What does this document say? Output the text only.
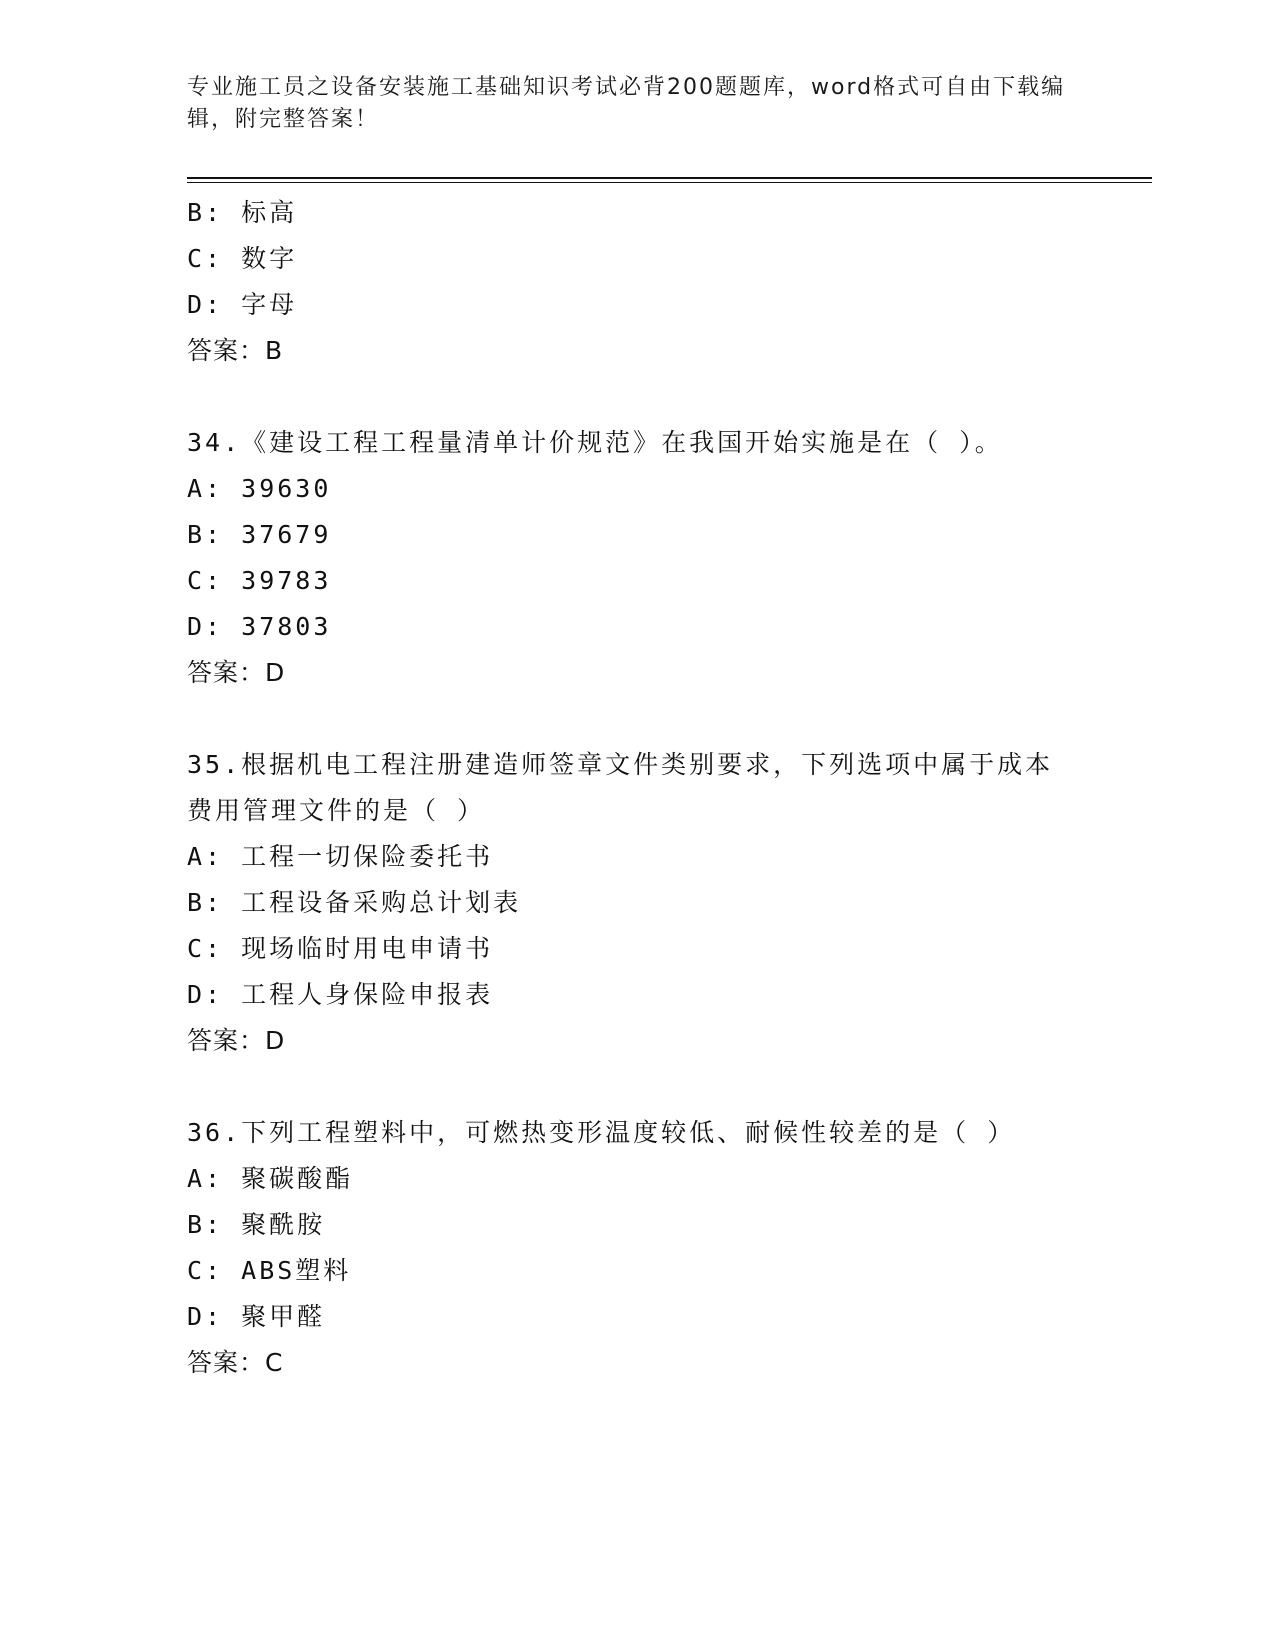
专业施工员之设备安装施工基础知识考试必背200题题库，word格式可自由下载编辑，附完整答案！
B: 标高
C: 数字
D: 字母
答案：B
34.《建设工程工程量清单计价规范》在我国开始实施是在（ ）。
A: 39630
B: 37679
C: 39783
D: 37803
答案：D
35.根据机电工程注册建造师签章文件类别要求，下列选项中属于成本费用管理文件的是（ ）
A: 工程一切保险委托书
B: 工程设备采购总计划表
C: 现场临时用电申请书
D: 工程人身保险申报表
答案：D
36.下列工程塑料中，可燃热变形温度较低、耐候性较差的是（ ）
A: 聚碳酸酯
B: 聚酰胺
C: ABS塑料
D: 聚甲醛
答案：C
